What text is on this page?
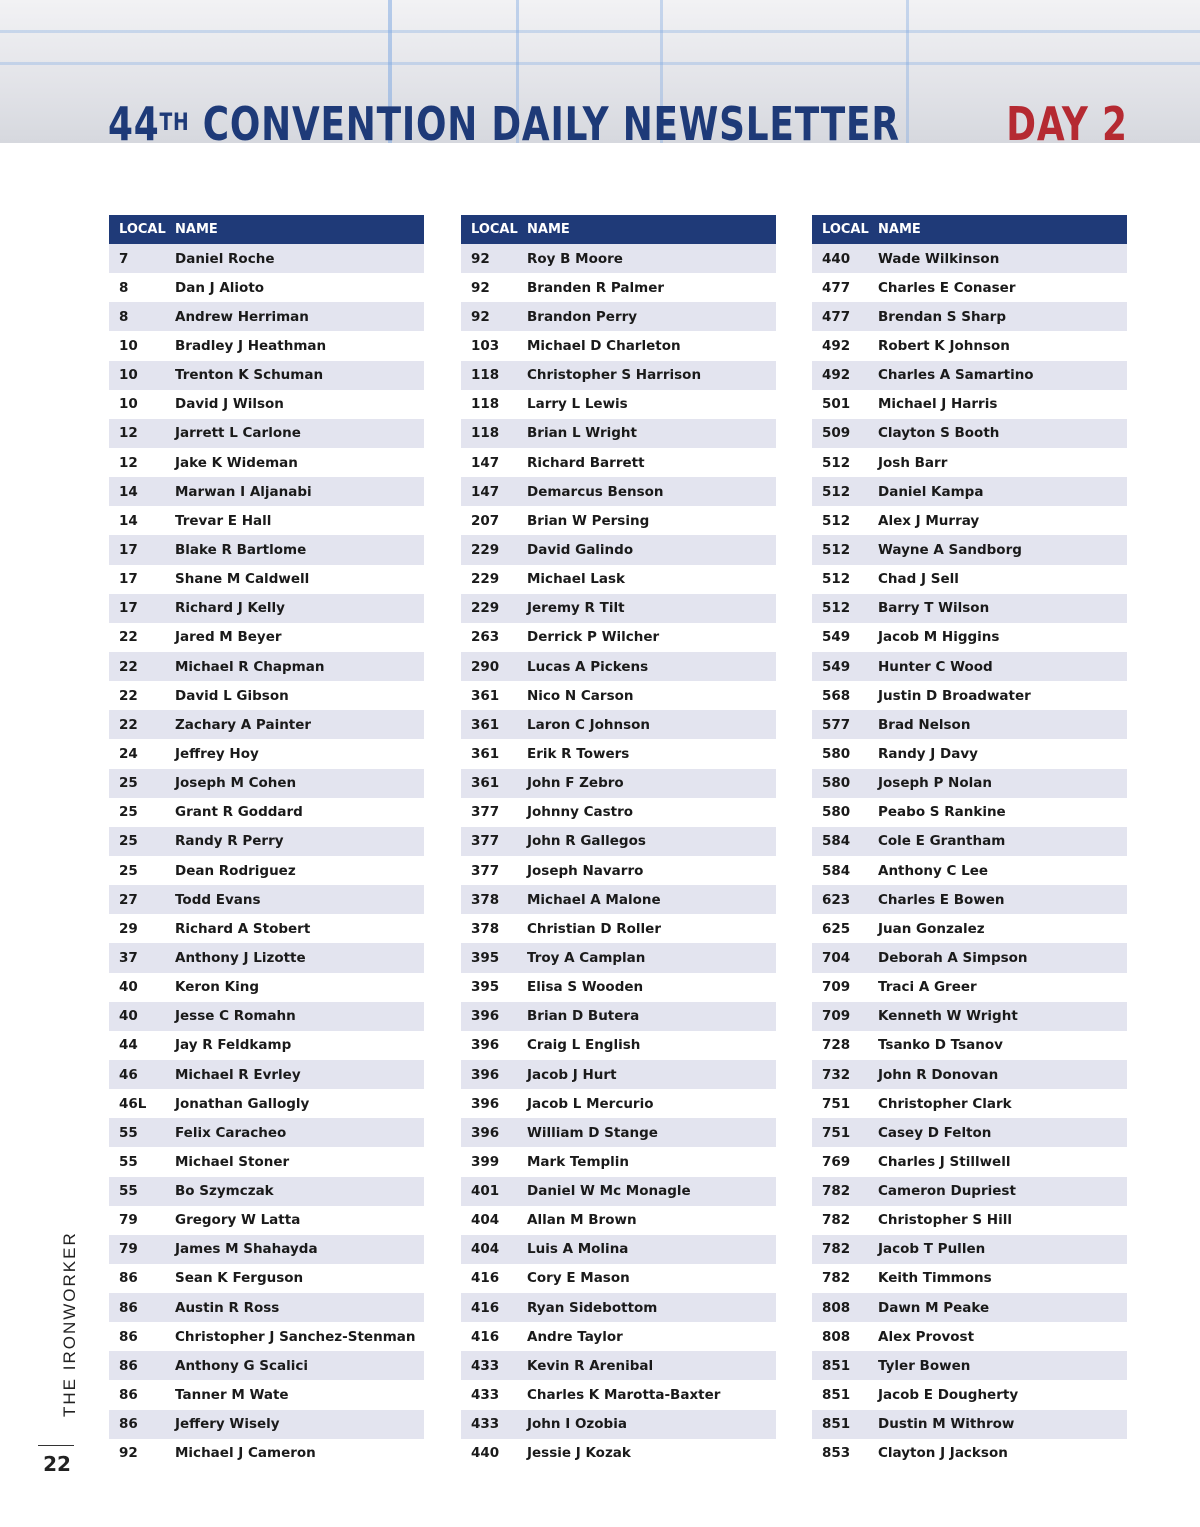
44TH CONVENTION DAILY NEWSLETTER DAY 2
LOCAL NAME
7	Daniel Roche
8	Dan J Alioto
8	Andrew Herriman
10	Bradley J Heathman
10	Trenton K Schuman
10	David J Wilson
12	Jarrett L Carlone
12	Jake K Wideman
14	Marwan I Aljanabi
14	Trevar E Hall
17	Blake R Bartlome
17	Shane M Caldwell
17	Richard J Kelly
22	Jared M Beyer
22	Michael R Chapman
22	David L Gibson
22	Zachary A Painter
24	Jeffrey Hoy
25	Joseph M Cohen
25	Grant R Goddard
25	Randy R Perry
25	Dean Rodriguez
27	Todd Evans
29	Richard A Stobert
37	Anthony J Lizotte
40	Keron King
40	Jesse C Romahn
44	Jay R Feldkamp
46	Michael R Evrley
46L	Jonathan Gallogly
55	Felix Caracheo
55	Michael Stoner
55	Bo Szymczak
79	Gregory W Latta
79	James M Shahayda
86	Sean K Ferguson
86	Austin R Ross
86	Christopher J Sanchez-Stenman
86	Anthony G Scalici
86	Tanner M Wate
86	Jeffery Wisely
92	Michael J Cameron
LOCAL NAME
92	Roy B Moore
92	Branden R Palmer
92	Brandon Perry
103	Michael D Charleton
118	Christopher S Harrison
118	Larry L Lewis
118	Brian L Wright
147	Richard Barrett
147	Demarcus Benson
207	Brian W Persing
229	David Galindo
229	Michael Lask
229	Jeremy R Tilt
263	Derrick P Wilcher
290	Lucas A Pickens
361	Nico N Carson
361	Laron C Johnson
361	Erik R Towers
361	John F Zebro
377	Johnny Castro
377	John R Gallegos
377	Joseph Navarro
378	Michael A Malone
378	Christian D Roller
395	Troy A Camplan
395	Elisa S Wooden
396	Brian D Butera
396	Craig L English
396	Jacob J Hurt
396	Jacob L Mercurio
396	William D Stange
399	Mark Templin
401	Daniel W Mc Monagle
404	Allan M Brown
404	Luis A Molina
416	Cory E Mason
416	Ryan Sidebottom
416	Andre Taylor
433	Kevin R Arenibal
433	Charles K Marotta-Baxter
433	John I Ozobia
440	Jessie J Kozak
LOCAL NAME
440	Wade Wilkinson
477	Charles E Conaser
477	Brendan S Sharp
492	Robert K Johnson
492	Charles A Samartino
501	Michael J Harris
509	Clayton S Booth
512	Josh Barr
512	Daniel Kampa
512	Alex J Murray
512	Wayne A Sandborg
512	Chad J Sell
512	Barry T Wilson
549	Jacob M Higgins
549	Hunter C Wood
568	Justin D Broadwater
577	Brad Nelson
580	Randy J Davy
580	Joseph P Nolan
580	Peabo S Rankine
584	Cole E Grantham
584	Anthony C Lee
623	Charles E Bowen
625	Juan Gonzalez
704	Deborah A Simpson
709	Traci A Greer
709	Kenneth W Wright
728	Tsanko D Tsanov
732	John R Donovan
751	Christopher Clark
751	Casey D Felton
769	Charles J Stillwell
782	Cameron Dupriest
782	Christopher S Hill
782	Jacob T Pullen
782	Keith Timmons
808	Dawn M Peake
808	Alex Provost
851	Tyler Bowen
851	Jacob E Dougherty
851	Dustin M Withrow
853	Clayton J Jackson
THE IRONWORKER
22
